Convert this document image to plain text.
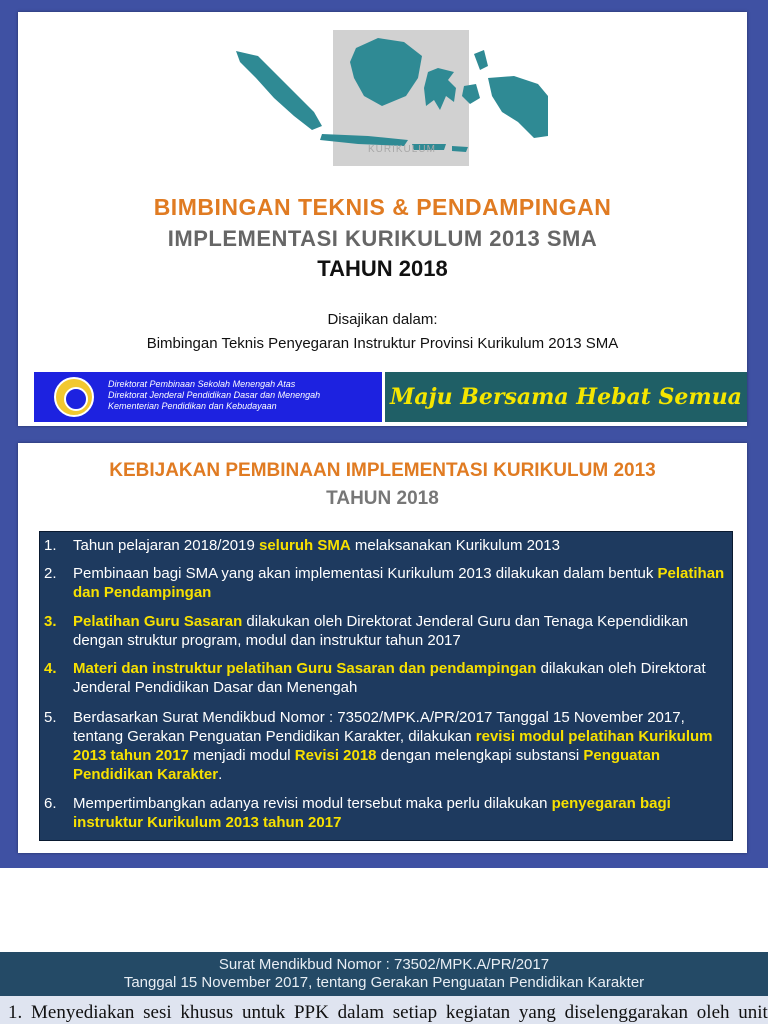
KURIKULUM
BIMBINGAN TEKNIS & PENDAMPINGAN
IMPLEMENTASI KURIKULUM 2013 SMA
TAHUN 2018
Disajikan dalam:
Bimbingan Teknis Penyegaran Instruktur Provinsi Kurikulum 2013 SMA
Direktorat Pembinaan Sekolah Menengah Atas
Direktorat Jenderal Pendidikan Dasar dan Menengah
Kementerian Pendidikan dan Kebudayaan	Maju Bersama Hebat Semua
KEBIJAKAN PEMBINAAN IMPLEMENTASI KURIKULUM 2013
TAHUN 2018
1.	Tahun pelajaran 2018/2019 seluruh SMA melaksanakan Kurikulum 2013
2.	Pembinaan bagi SMA yang akan implementasi Kurikulum 2013 dilakukan dalam bentuk Pelatihan dan Pendampingan
3.	Pelatihan Guru Sasaran dilakukan oleh Direktorat Jenderal Guru dan Tenaga Kependidikan dengan struktur program, modul dan instruktur tahun 2017
4.	Materi dan instruktur pelatihan Guru Sasaran dan pendampingan dilakukan oleh Direktorat Jenderal Pendidikan Dasar dan Menengah
5.	Berdasarkan Surat Mendikbud Nomor : 73502/MPK.A/PR/2017 Tanggal 15 November 2017, tentang Gerakan Penguatan Pendidikan Karakter, dilakukan revisi modul pelatihan Kurikulum 2013 tahun 2017 menjadi modul Revisi 2018 dengan melengkapi substansi Penguatan Pendidikan Karakter.
6.	Mempertimbangkan adanya revisi modul tersebut maka perlu dilakukan penyegaran bagi instruktur Kurikulum 2013 tahun 2017
Surat Mendikbud Nomor : 73502/MPK.A/PR/2017
Tanggal 15 November 2017, tentang Gerakan Penguatan Pendidikan Karakter
1. Menyediakan sesi khusus untuk PPK dalam setiap kegiatan yang diselenggarakan oleh unit
